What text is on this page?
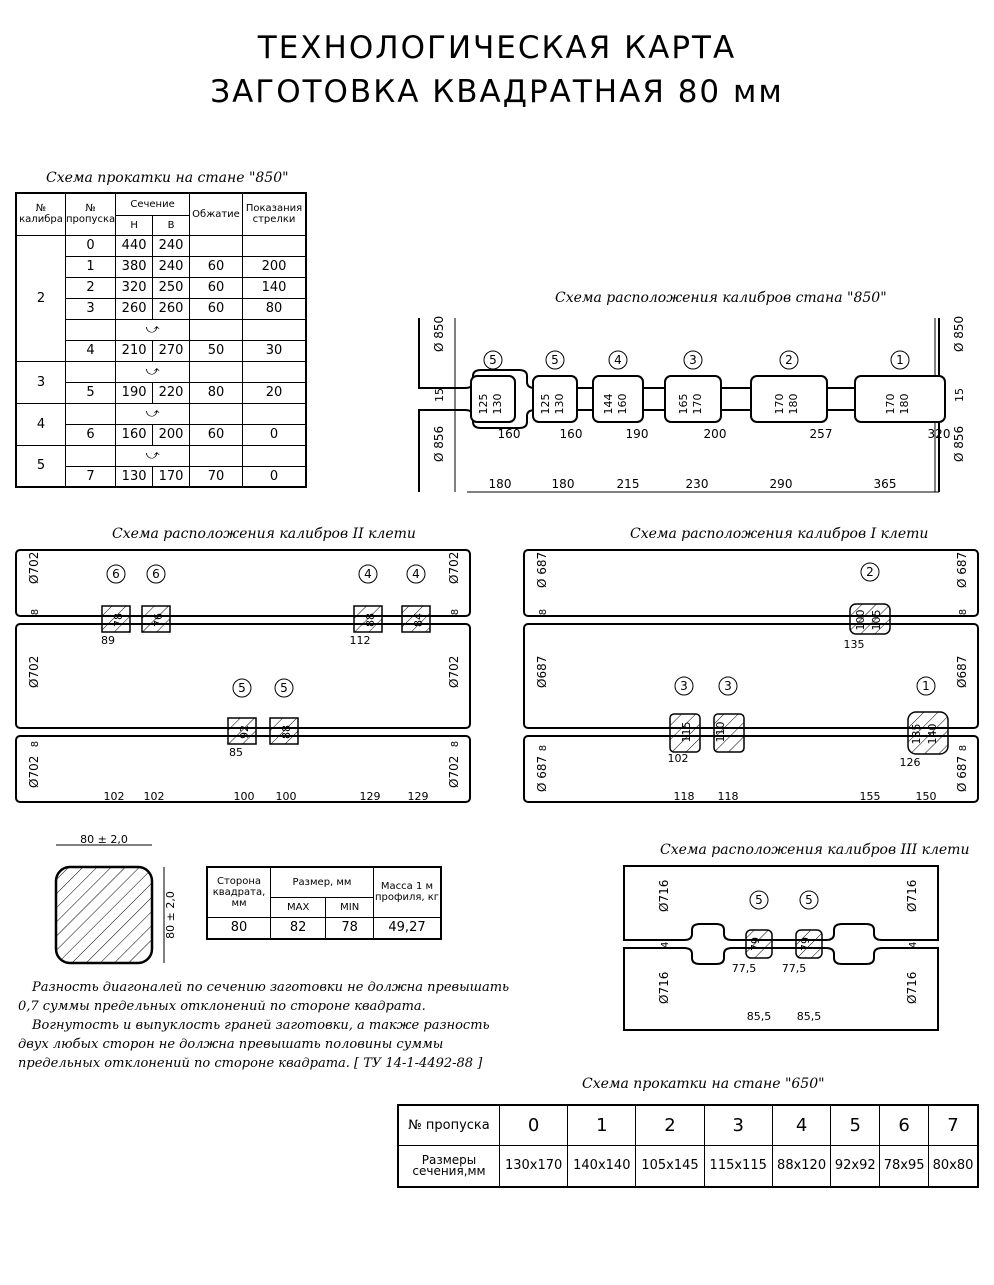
ТЕХНОЛОГИЧЕСКАЯ КАРТА
ЗАГОТОВКА КВАДРАТНАЯ 80 мм
Схема прокатки на стане "850"
№ калибра	№ пропуска	Сечение		Обжатие	Показания стрелки
		Н	В		
2	0	440	240		
	1	380	240	60	200
	2	320	250	60	140
	3	260	260	60	80
		⤻			
	4	210	270	50	30
3		⤻			
	5	190	220	80	20
4		⤻			
	6	160	200	60	0
5		⤻			
	7	130	170	70	0
Схема расположения калибров стана "850"
Ø 850
Ø 856
Ø 850
Ø 856
15	15
5
125 130
160
5
125 130
160
4
144 160
190
3
165 170
200
2
170 180
257
1
170 180
320
180	180	215	230	290	365
Схема расположения калибров II клети
Ø702
Ø702
Ø702
Ø702
Ø702
Ø702
6
78
89
6
76
4
88
112
4
84
5
92
85
5
88
102 102	100 100	129 129
8
8
8
8
Схема расположения калибров I клети
Ø 687
Ø687
Ø 687
Ø 687
Ø687
Ø 687
2
100 105
135
3
115
102
3
110
1
135 140
126
118 118	155	150
8
8
8
8
80 ± 2,0
80 ± 2,0
Сторона квадрата, мм	Размер, мм		Масса 1 м профиля, кг
	MAX	MIN	
80	82	78	49,27
Разность диагоналей по сечению заготовки не должна превышать
0,7 суммы предельных отклонений по стороне квадрата.
Вогнутость и выпуклость граней заготовки, а также разность
двух любых сторон не должна превышать половины суммы
предельных отклонений по стороне квадрата. [ ТУ 14-1-4492-88 ]
Схема расположения калибров III клети
Ø716
Ø716
Ø716
Ø716
4	4
5
79
77,5
5
79
77,5
85,5 85,5
Схема прокатки на стане "650"
№ пропуска	0	1	2	3	4	5	6	7
Размеры сечения,мм	130x170	140x140	105x145	115x115	88x120	92x92	78x95	80x80
